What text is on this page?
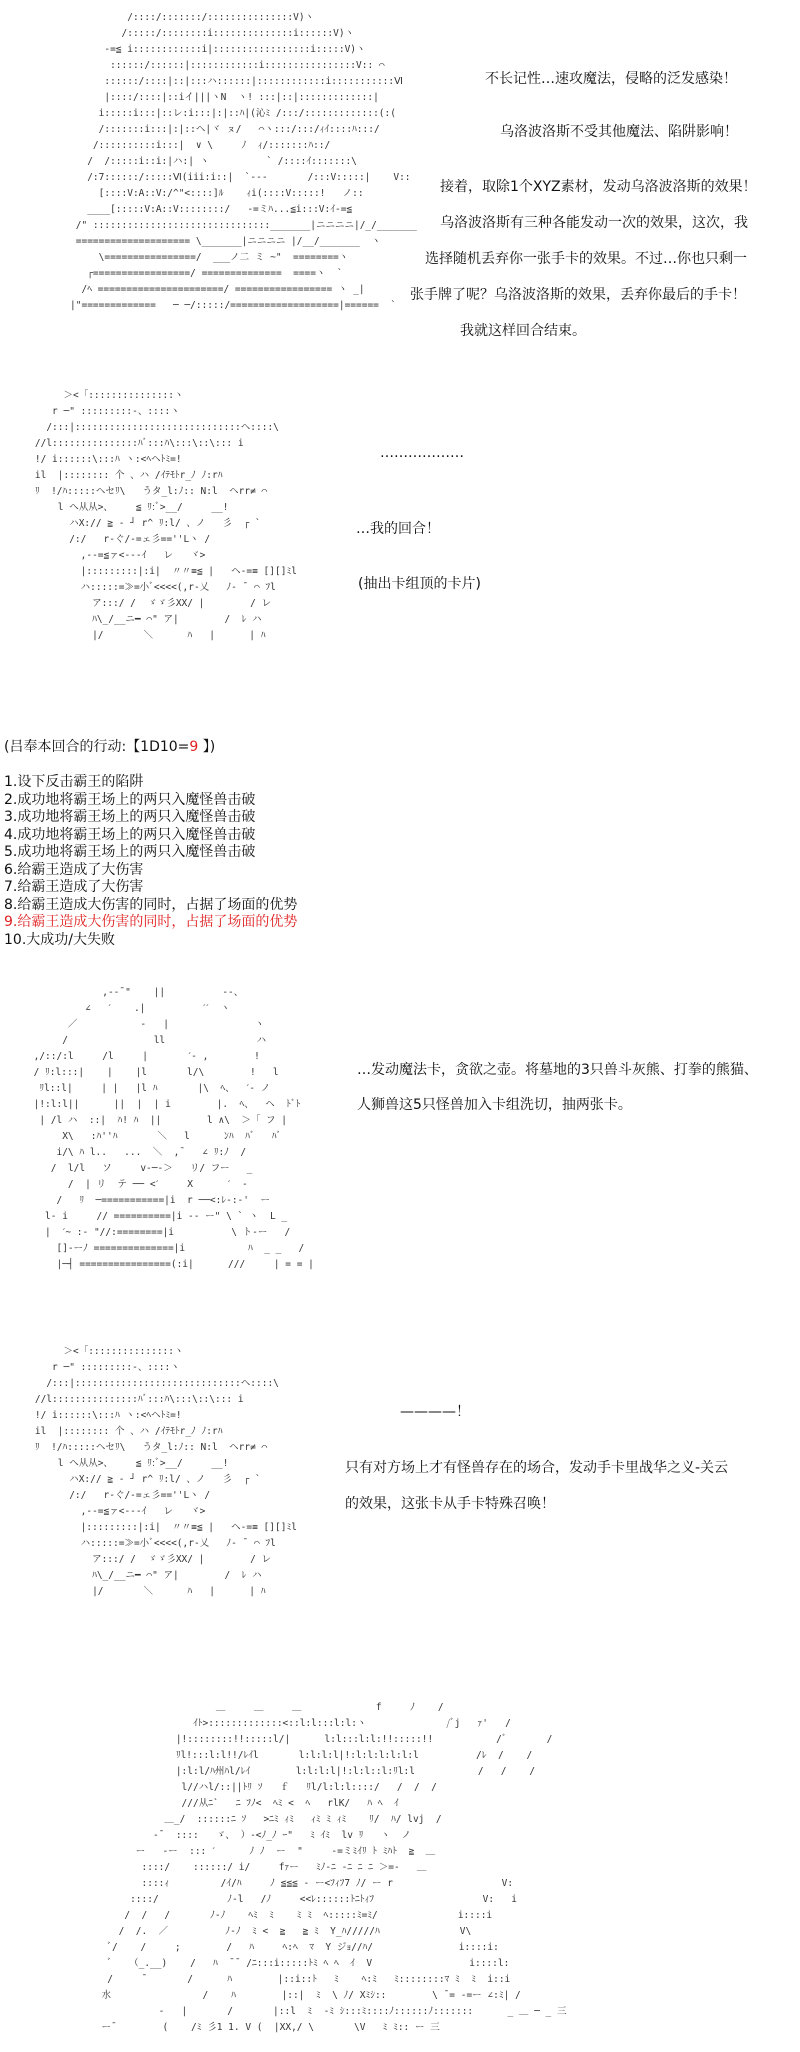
/::::/:::::::/:::::::::::::::V)ヽ
/:::::/::::::::i::::::::::::::i::::::V)ヽ
-=≦ i::::::::::::i|:::::::::::::::::i:::::V)ヽ
::::::/::::::|::::::::::::i::::::::::::::::V:: ⌒
::::::/::::|::|:::ハ::::::|::::::::::::i:::::::::::Ⅵ
|::::/::::|::iイ|||ヽN  ヽ! :::|::|:::::::::::::|
i:::::i:::|::レ:i:::|:|::ﾊ|(沁ﾐ /:::/:::::::::::::(:(
/:::::::i:::|:|::ヘ|ヾ ㇴ/   ⌒ヽ:::/:::/ｨｲ::::ﾊ:::/
/::::::::::i:::|  ∨ \     ﾉ  ｨ/:::::::ﾊ::/
/  /:::::i::i:|ハ:| ヽ          ` /::::ｲ:::::::\
/:7::::::/:::::Ⅵ(iii:i::|  `---       /:::V:::::|    V::
[::::V:A::V:/^"<::::]ﾙ    ｨi(::::V:::::!   ノ::
____[:::::V:A::V::::::::/   -=ミﾊ...≦i:::V:ｲ-=≦
/" :::::::::::::::::::::::::::::::_______|ニニニニ|/_/_______
==================== \_______|ニニニニ |/__/_______  ヽ
\================/  ___ノ二 ミ ~"  ========ヽ
┌=================/ ==============  ====ヽ  `
/ﾍ ======================/ ================= ヽ _|
|"=============   ─ ─/:::::/===================|======  `

不长记性…速攻魔法，侵略的泛发感染！
乌洛波洛斯不受其他魔法、陷阱影响！
接着，取除1个XYZ素材，发动乌洛波洛斯的效果！
乌洛波洛斯有三种各能发动一次的效果，这次，我
选择随机丢弃你一张手卡的效果。不过…你也只剩一
张手牌了呢？乌洛波洛斯的效果，丢弃你最后的手卡！
我就这样回合结束。
＞<「:::::::::::::::ヽ
r ─" :::::::::-、::::ヽ
/:::|:::::::::::::::::::::::::::::ヘ::::\
//l:::::::::::::::ﾊﾞ:::ﾊ\:::\::\::: i
!/ i::::::\:::ﾊ ヽ:<ﾍヘﾄﾐ=!
il  |:::::::: 个 、ハ /ｲﾃﾓﾄr_ﾉ ﾉ:rﾊ
ﾘ  !/ﾊ:::::ヘセﾘ\   うタ_l:ﾉ:: N:l  ヘrr≠ ⌒
l へ从从>、    ≦ ﾘ:ﾞ>__/     __!
ハX:// ≧ - ┘ r^ ﾘ:l/ 、ノ   彡  ┌ `
/:/   r-ぐ/-=ェ彡==''Lヽ /
,--=≦ァ<---ｲ   レ   ヾ>
|:::::::::|:i|  〃〃≡≦ |   ヘ-=≡ [][]ﾐl
ハ:::::=≫=小ﾞ<<<<(,r-乂   ﾉ- ˉ ⌒ ﾌl
ア:::/ /  ゞゞ彡XX/ |        / レ
ﾊ\_/__ニ━ ⌒" ア|        /  ﾚ ハ
|/       ＼      ﾊ   |      | ﾊ

………………
…我的回合！
(抽出卡组顶的卡片)
(吕奉本回合的行动:【1D10=9 】)
1.设下反击霸王的陷阱
2.成功地将霸王场上的两只入魔怪兽击破
3.成功地将霸王场上的两只入魔怪兽击破
4.成功地将霸王场上的两只入魔怪兽击破
5.成功地将霸王场上的两只入魔怪兽击破
6.给霸王造成了大伤害
7.给霸王造成了大伤害
8.给霸王造成大伤害的同时，占据了场面的优势
9.给霸王造成大伤害的同时，占据了场面的优势
10.大成功/大失败
,--ˉ"    ||          --、
∠   ˊ    .|          ˊˊ  ヽ
／           -   |               ヽ
/               ll                ハ
,/::/:l     /l     |       ˊ- ,        !
/ ﾘ:l:::|    |    |l       l/\        !   l
ﾘl::l|     | |   |l ﾊ       |\  ﾍ、  ˊ- ノ
|!:l:l||      ||  |  | i        |.  ﾍ、  ヘ  ﾄﾞﾄ
| /l ハ  ::|  ﾊ! ﾊ  ||        l ∧\  ＞「 フ |
X\   :ﾊ''ﾊ       ＼   l      ﾝﾊ  ﾊﾞ   ﾊﾞ
i/\ ﾊ l..   ...  ＼  ,ˉ   ∠ ﾘ:ﾉ  /
/  l/l   ソ     v-─-＞   リ/ フー   _
/  | リ  テ ── <ˊ     X      ˊ  -
/   ﾘ  ─===========|i  r ──<:ﾚ-:-'  ー
l‐ i     // ==========|i -- ー" \ ` ヽ  L _
|  ˊ~ :- "//:========|i          \ ト-ー   /
[]-ーﾉ ==============|i           ﾊ  _ _   /
|─┤ ================(:i|      ///     | = = |

…发动魔法卡，贪欲之壶。将墓地的3只兽斗灰熊、打拳的熊猫、
人狮兽这5只怪兽加入卡组洗切，抽两张卡。
＞<「:::::::::::::::ヽ
r ─" :::::::::-、::::ヽ
/:::|:::::::::::::::::::::::::::::ヘ::::\
//l:::::::::::::::ﾊﾞ:::ﾊ\:::\::\::: i
!/ i::::::\:::ﾊ ヽ:<ﾍヘﾄﾐ=!
il  |:::::::: 个 、ハ /ｲﾃﾓﾄr_ﾉ ﾉ:rﾊ
ﾘ  !/ﾊ:::::ヘセﾘ\   うタ_l:ﾉ:: N:l  ヘrr≠ ⌒
l へ从从>、    ≦ ﾘ:ﾞ>__/     __!
ハX:// ≧ - ┘ r^ ﾘ:l/ 、ノ   彡  ┌ `
/:/   r-ぐ/-=ェ彡==''Lヽ /
,--=≦ァ<---ｲ   レ   ヾ>
|:::::::::|:i|  〃〃≡≦ |   ヘ-=≡ [][]ﾐl
ハ:::::=≫=小ﾞ<<<<(,r-乂   ﾉ- ˉ ⌒ ﾌl
ア:::/ /  ゞゞ彡XX/ |        / レ
ﾊ\_/__ニ━ ⌒" ア|        /  ﾚ ハ
|/       ＼      ﾊ   |      | ﾊ

————！
只有对方场上才有怪兽存在的场合，发动手卡里战华之义-关云
的效果，这张卡从手卡特殊召唤！
＿     ＿     ＿             f     ﾉ    /
ｲﾄ>:::::::::::::<::l:l:::l:l:ヽ              /ﾞj   ｧ'   /
|!::::::::!!:::::l/|      l:l:::l:l:!!:::::!!           /ﾞ       /
ﾘl!:::l:l!!/ﾚｲl       l:l:l:l|!:l:l:l:l:l:l          /ﾚ  /    /
|:l:l/ﾊ州ﾊl/ﾚｲ        l:l:l:l|!:l:l::l:ﾘl:l           /   /    /
l//ハl/::||ﾄﾘ ｿ   ｆ   ﾘl/l:l:l::::/   /  /  /
///从ﾆ`   ﾆ ﾌﾉ<  ﾍﾐ <  ﾍ   rlK/   ﾊ ﾍ  ｲ
＿_/  ::::::ﾆ ｿ   >ﾆﾐ ｨﾐ   ｨﾐ ﾐ ｨﾐ    ﾘ/  ﾊ/ lvj  /
-ˉ  ::::   ゞ、 ）-<ﾉ_ﾉ ｰ"   ﾐ ｲﾐ  lv ﾘ   ヽ  ノ
ー   -ー  ::: ˊ      ﾉ ﾉ  ー  "     -=ミﾐｲﾘ ﾄ ﾐﾊﾄ  ≧  ＿
::::/    ::::::/ i/     fｧー   ﾐﾉ-ﾆ -ﾆ ﾆ ﾆ ＞=-   ＿
::::ｨ         /ｲ/ﾊ     ﾉ ≦≦≦ - ー<ﾌｨﾌ7 ﾉ/ ー r                   V:
::::/            ﾉ-l   /ﾉ     <<ﾚ::::::ﾄﾆﾄｨﾌ                   V:   i
/  /   /       ﾉ-ﾉ    ﾍﾐ  ﾐ    ﾐ ﾐ  ﾍ:::::ﾐ=ﾐ/              i::::i
/  /.  ／          ﾉ-ﾉ  ﾐ <  ≧   ≧ ﾐ  Y_ﾊ/////ﾊ              V\
ﾞ/    /     ;        /   ﾊ     ﾍ:ﾍ  ﾏ  Y ジｮ//ﾊ/               i::::i:
ﾞ   （_.__)    /   ﾊ  ̄ ̄  /ﾆ:::i:::::ﾄﾐ ﾍ ﾍ  ｲ  V                 i::::l:
/     ˉ       /      ﾊ        |::i::ﾄ   ﾐ    ﾍ:ﾐ   ﾐ::::::::ﾏ ﾐ  ﾐ  i::i
水                /    ﾊ        |::|  ﾐ  \ ﾉ/ Xﾐｼ::        \ ˉ= -=ー ∠:ﾐ| /
‐   |       /       |::l  ﾐ  -ﾐ ｼ:::ﾐ::::ﾉ::::::ﾉ:::::::      _ ＿ ─ _ 三
ーˉ        (    /ﾐ 彡1 1. V (  |XX,/ \       \V   ﾐ ﾐ:: ー 三
